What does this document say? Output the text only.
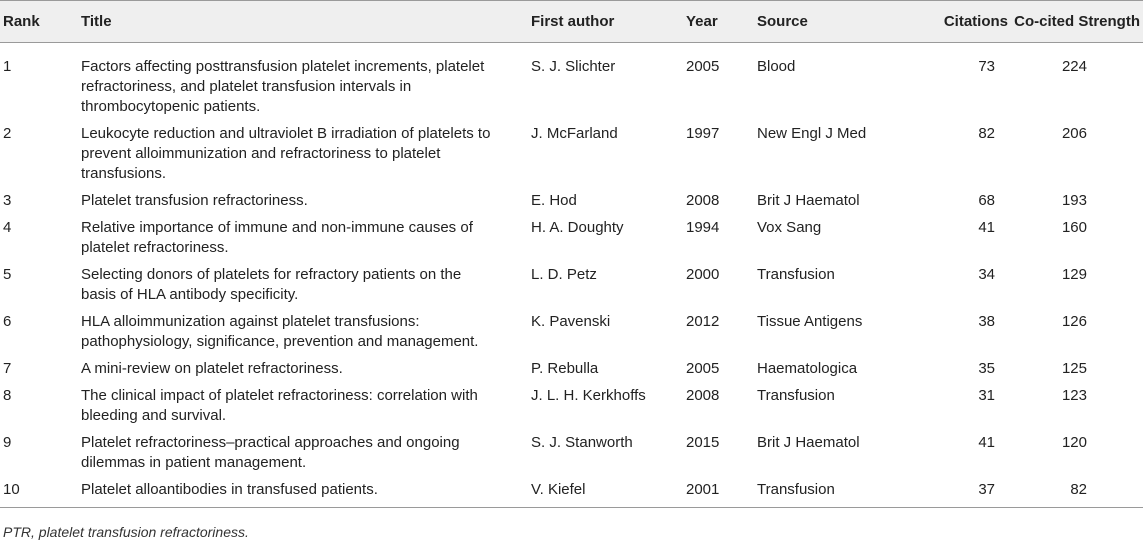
Rank	Title	First author	Year	Source	Citations	Co-cited Strength
1	Factors affecting posttransfusion platelet increments, platelet
refractoriness, and platelet transfusion intervals in
thrombocytopenic patients.	S. J. Slichter	2005	Blood	73	224
2	Leukocyte reduction and ultraviolet B irradiation of platelets to
prevent alloimmunization and refractoriness to platelet
transfusions.	J. McFarland	1997	New Engl J Med	82	206
3	Platelet transfusion refractoriness.	E. Hod	2008	Brit J Haematol	68	193
4	Relative importance of immune and non-immune causes of
platelet refractoriness.	H. A. Doughty	1994	Vox Sang	41	160
5	Selecting donors of platelets for refractory patients on the
basis of HLA antibody specificity.	L. D. Petz	2000	Transfusion	34	129
6	HLA alloimmunization against platelet transfusions:
pathophysiology, significance, prevention and management.	K. Pavenski	2012	Tissue Antigens	38	126
7	A mini-review on platelet refractoriness.	P. Rebulla	2005	Haematologica	35	125
8	The clinical impact of platelet refractoriness: correlation with
bleeding and survival.	J. L. H. Kerkhoffs	2008	Transfusion	31	123
9	Platelet refractoriness–practical approaches and ongoing
dilemmas in patient management.	S. J. Stanworth	2015	Brit J Haematol	41	120
10	Platelet alloantibodies in transfused patients.	V. Kiefel	2001	Transfusion	37	82
PTR, platelet transfusion refractoriness.
